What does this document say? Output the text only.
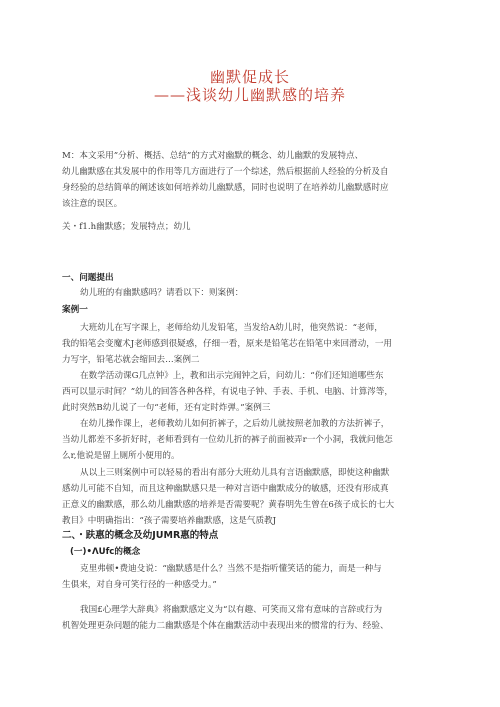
幽默促成长
——浅谈幼儿幽默感的培养
M：本文采用”分析、概括、总结”的方式对幽默的概念、幼儿幽默的发展特点、
幼儿幽默感在其发展中的作用等几方面进行了一个综述，然后根据前人经验的分析及自
身经验的总结简单的阐述该如何培养幼儿幽默感，同时也说明了在培养幼儿幽默感时应
该注意的误区。
关・f1.h幽默感；发展特点；幼儿
一、问题提出
幼儿班的有幽默感吗？请看以下：则案例：
案例一
大班幼儿在写字课上，老师给幼儿发铅笔，当发给A幼儿时，他突然说：“老师，
我的铅笔会变魔术J老师感到很疑惑，仔细一看，原来是铅笔芯在铅笔中来回滑动，一用
力写字，铅笔芯就会缩回去…案例二
在数学活动课G几点钟》上，教和出示完闹钟之后，问幼儿：“你们还知道哪些东
西可以显示时间？”幼儿的回答各种各样，有说电子钟、手表、手机、电脑、计算涔等，
此时突然B幼儿说了一句“老师，还有定时炸弹。”案例三
在幼儿操作课上，老师教幼儿如何折裤子，之后幼儿就按照老加教的方法折裤子，
当幼儿都差不多折好时，老师看到有一位幼儿折的裤子前面被弄r一个小洞，我就问他怎
么r,他说是留上厕所小便用的。
从以上三则案例中可以轻易的看出有部分大班幼儿具有言语幽默感，即使这种幽默
感幼儿可能不自知，而且这种幽默感只是一种对言语中幽默成分的敏感，还没有形成真
正意义的幽默感，那么幼儿幽默感的培养是否需要呢？黄春明先生曾在6孩子成长的七大
教目》中明确指出：“孩子需要培养幽默感，这是气质教J
二、・趺惠的概念及幼JUMR惠的特点
(一)•ΛUfc的概念
克里弗顿•费迪殳说：“幽默感是什么？当然不是指听懂笑话的能力，而是一种与
生俱来，对自身可笑行径的一种感受力。”
我国£心理学大辞典》将幽默感定义为“以有趣、可笑而又常有意味的言辞或行为
机智处理更杂问题的能力二幽默感是个体在幽默活动中表现出来的惯常的行为、经验、
